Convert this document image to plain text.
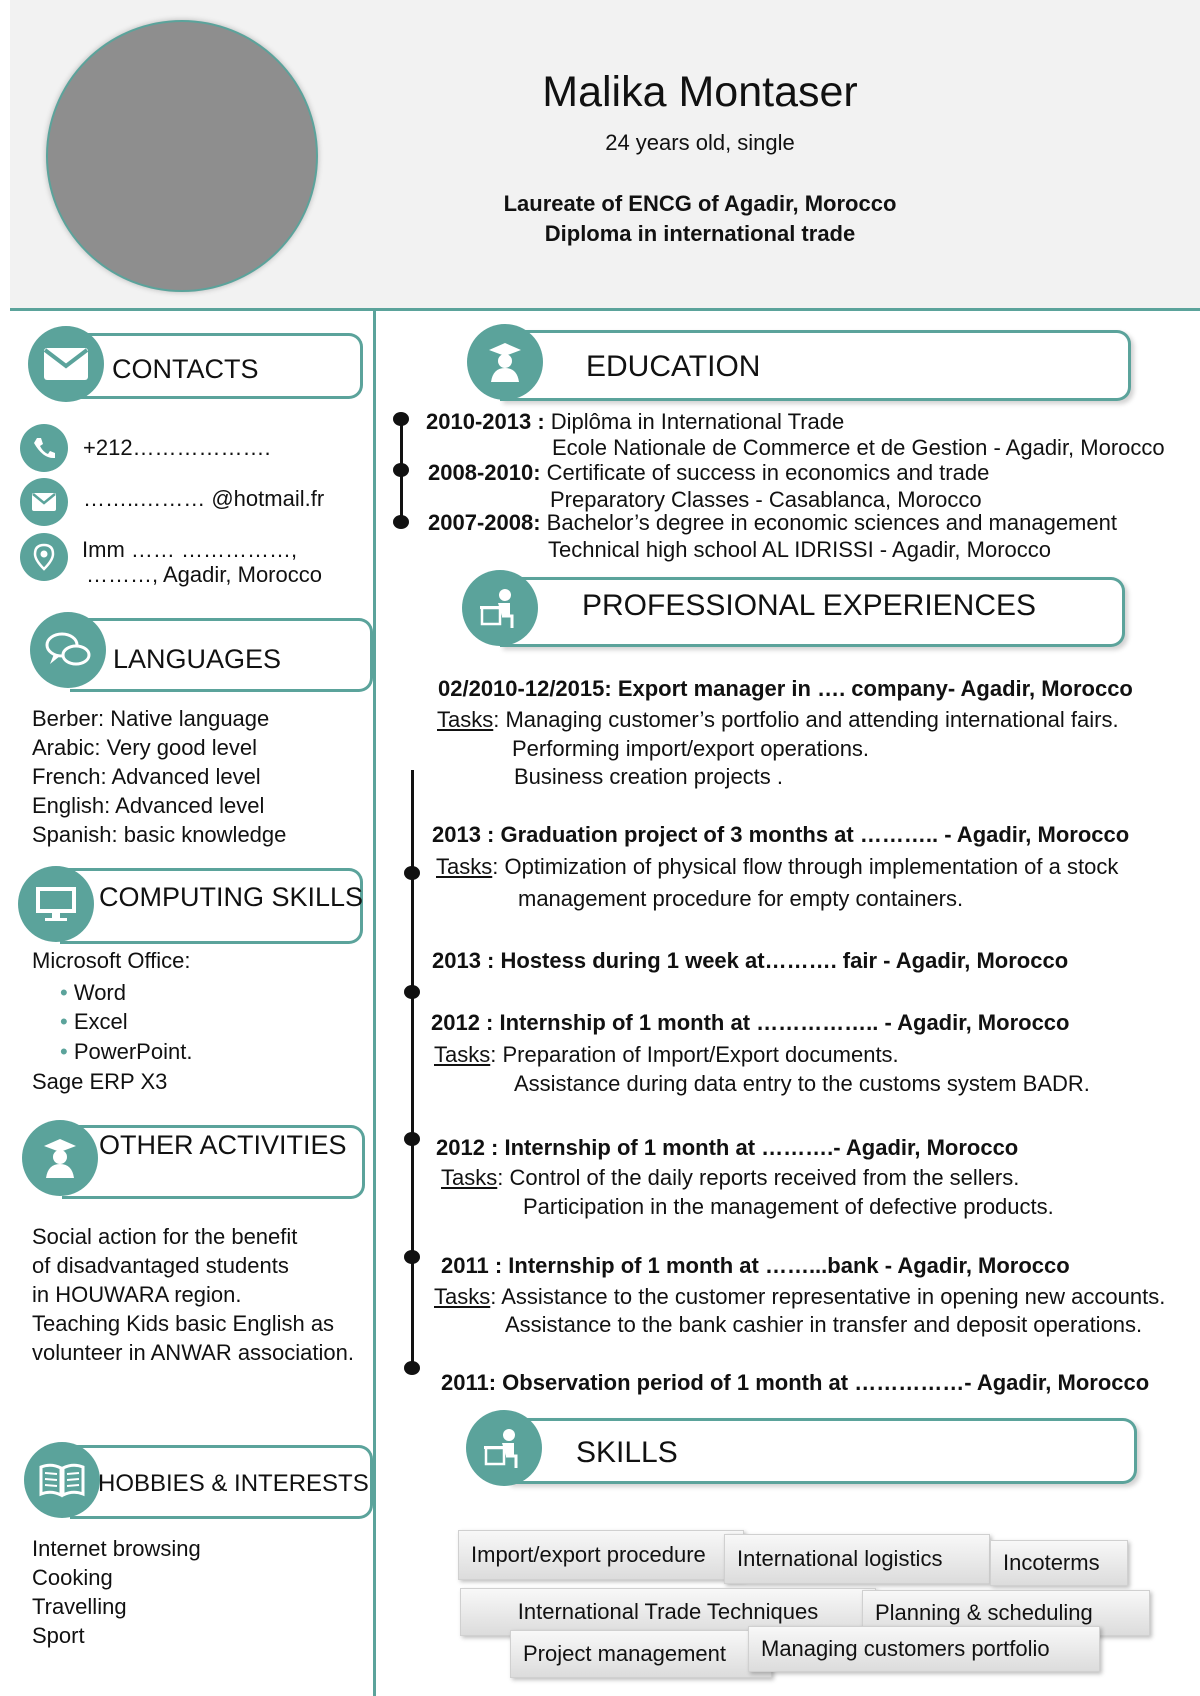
Malika Montaser
24 years old, single
Laureate of ENCG of Agadir, Morocco
Diploma in international trade
CONTACTS
+212……………….
……..……… @hotmail.fr
Imm …… ……………,
………, Agadir, Morocco
LANGUAGES
Berber: Native language
Arabic: Very good level
French: Advanced level
English: Advanced level
Spanish: basic knowledge
COMPUTING SKILLS
Microsoft Office:
• Word
• Excel
• PowerPoint.
Sage ERP X3
OTHER ACTIVITIES
Social action for the benefit
of disadvantaged students
in HOUWARA region.
Teaching Kids basic English as
volunteer in ANWAR association.
HOBBIES & INTERESTS
Internet browsing
Cooking
Travelling
Sport
EDUCATION
2010-2013 : Diplôma in International Trade
Ecole Nationale de Commerce et de Gestion - Agadir, Morocco
2008-2010: Certificate of success in economics and trade
Preparatory Classes - Casablanca, Morocco
2007-2008: Bachelor’s degree in economic sciences and management
Technical high school AL IDRISSI - Agadir, Morocco
PROFESSIONAL EXPERIENCES
02/2010-12/2015: Export manager in …. company- Agadir, Morocco
Tasks: Managing customer’s portfolio and attending international fairs.
Performing import/export operations.
Business creation projects .
2013 : Graduation project of 3 months at ……….. - Agadir, Morocco
Tasks: Optimization of physical flow through implementation of a stock
management procedure for empty containers.
2013 : Hostess during 1 week at………. fair - Agadir, Morocco
2012 : Internship of 1 month at …………….. - Agadir, Morocco
Tasks: Preparation of Import/Export documents.
Assistance during data entry to the customs system BADR.
2012 : Internship of 1 month at ……….- Agadir, Morocco
Tasks: Control of the daily reports received from the sellers.
Participation in the management of defective products.
2011 : Internship of 1 month at ……...bank - Agadir, Morocco
Tasks: Assistance to the customer representative in opening new accounts.
Assistance to the bank cashier in transfer and deposit operations.
2011: Observation period of 1 month at ……………- Agadir, Morocco
SKILLS
Import/export procedure	International logistics	Incoterms
International Trade Techniques	Planning & scheduling
Project management	Managing customers portfolio
